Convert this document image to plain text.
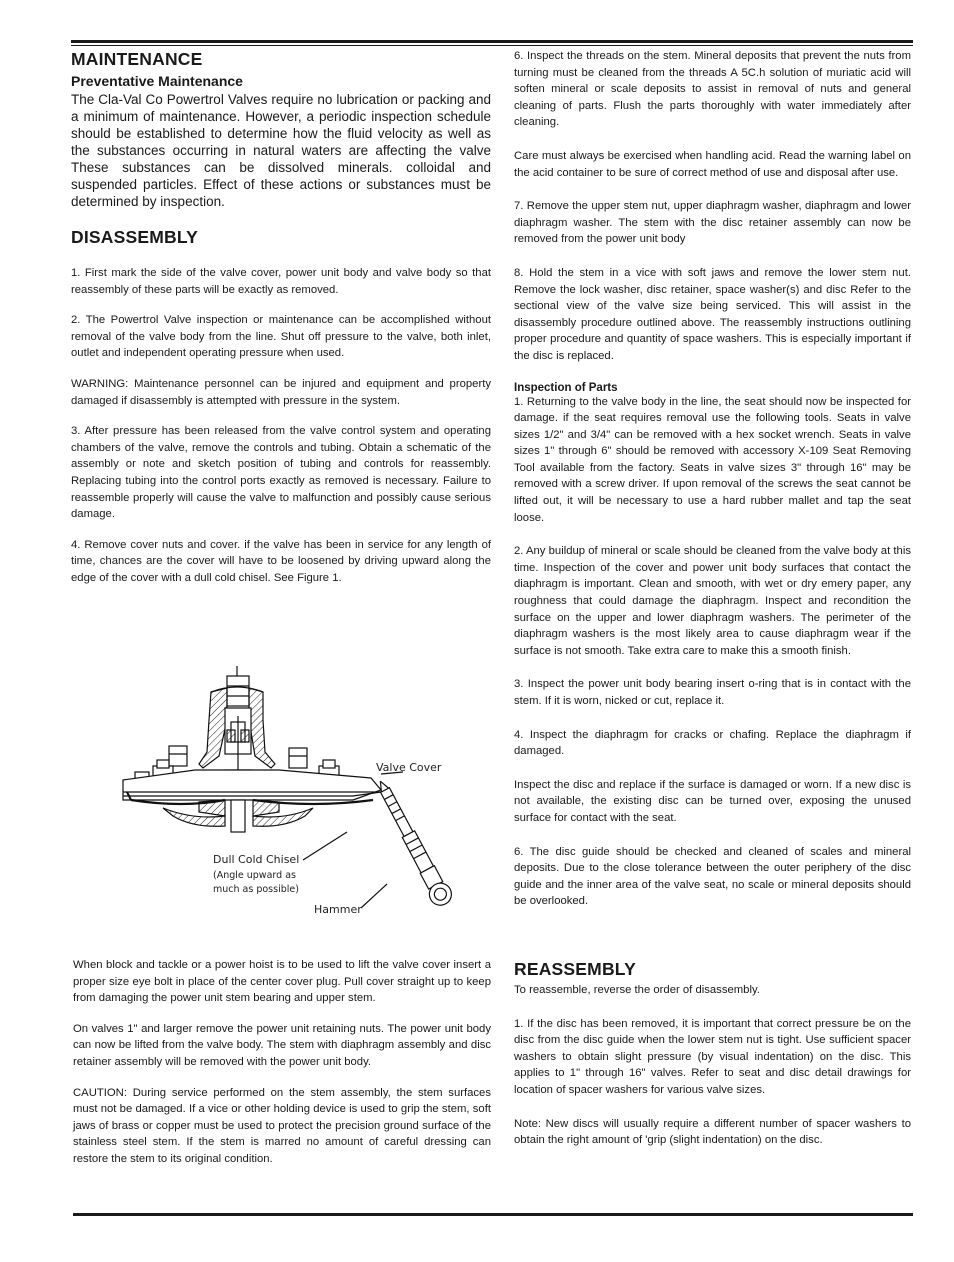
MAINTENANCE
Preventative Maintenance

The Cla-Val Co Powertrol Valves require no lubrication or packing and a minimum of maintenance. However, a periodic inspection schedule should be established to determine how the fluid velocity as well as the substances occurring in natural waters are affecting the valve These substances can be dissolved minerals. colloidal and suspended particles. Effect of these actions or substances must be determined by inspection.

DISASSEMBLY

1. First mark the side of the valve cover, power unit body and valve body so that reassembly of these parts will be exactly as removed.

2. The Powertrol Valve inspection or maintenance can be accomplished without removal of the valve body from the line. Shut off pressure to the valve, both inlet, outlet and independent operating pressure when used.

WARNING: Maintenance personnel can be injured and equipment and property damaged if disassembly is attempted with pressure in the system.

3. After pressure has been released from the valve control system and operating chambers of the valve, remove the controls and tubing. Obtain a schematic of the assembly or note and sketch position of tubing and controls for reassembly. Replacing tubing into the control ports exactly as removed is necessary. Failure to reassemble properly will cause the valve to malfunction and possibly cause serious damage.

4. Remove cover nuts and cover. if the valve has been in service for any length of time, chances are the cover will have to be loosened by driving upward along the edge of the cover with a dull cold chisel. See Figure 1.

Valve Cover
Dull Cold Chisel
(Angle upward as
much as possible)
Hammer

When block and tackle or a power hoist is to be used to lift the valve cover insert a proper size eye bolt in place of the center cover plug. Pull cover straight up to keep from damaging the power unit stem bearing and upper stem.

On valves 1" and larger remove the power unit retaining nuts. The power unit body can now be lifted from the valve body. The stem with diaphragm assembly and disc retainer assembly will be removed with the power unit body.

CAUTION: During service performed on the stem assembly, the stem surfaces must not be damaged. If a vice or other holding device is used to grip the stem, soft jaws of brass or copper must be used to protect the precision ground surface of the stainless steel stem. If the stem is marred no amount of careful dressing can restore the stem to its original condition.

6. Inspect the threads on the stem. Mineral deposits that prevent the nuts from turning must be cleaned from the threads A 5C.h solution of muriatic acid will soften mineral or scale deposits to assist in removal of nuts and general cleaning of parts. Flush the parts thoroughly with water immediately after cleaning.

Care must always be exercised when handling acid. Read the warning label on the acid container to be sure of correct method of use and disposal after use.

7. Remove the upper stem nut, upper diaphragm washer, diaphragm and lower diaphragm washer. The stem with the disc retainer assembly can now be removed from the power unit body

8. Hold the stem in a vice with soft jaws and remove the lower stem nut. Remove the lock washer, disc retainer, space washer(s) and disc Refer to the sectional view of the valve size being serviced. This will assist in the disassembly procedure outlined above. The reassembly instructions outlining proper procedure and quantity of space washers. This is especially important if the disc is replaced.

Inspection of Parts

1. Returning to the valve body in the line, the seat should now be inspected for damage. if the seat requires removal use the following tools. Seats in valve sizes 1/2" and 3/4" can be removed with a hex socket wrench. Seats in valve sizes 1" through 6" should be removed with accessory X-109 Seat Removing Tool available from the factory. Seats in valve sizes 3" through 16" may be removed with a screw driver. If upon removal of the screws the seat cannot be lifted out, it will be necessary to use a hard rubber mallet and tap the seat loose.

2. Any buildup of mineral or scale should be cleaned from the valve body at this time. Inspection of the cover and power unit body surfaces that contact the diaphragm is important. Clean and smooth, with wet or dry emery paper, any roughness that could damage the diaphragm. Inspect and recondition the surface on the upper and lower diaphragm washers. The perimeter of the diaphragm washers is the most likely area to cause diaphragm wear if the surface is not smooth. Take extra care to make this a smooth finish.

3. Inspect the power unit body bearing insert o-ring that is in contact with the stem. If it is worn, nicked or cut, replace it.

4. Inspect the diaphragm for cracks or chafing. Replace the diaphragm if damaged.

Inspect the disc and replace if the surface is damaged or worn. If a new disc is not available, the existing disc can be turned over, exposing the unused surface for contact with the seat.

6. The disc guide should be checked and cleaned of scales and mineral deposits. Due to the close tolerance between the outer periphery of the disc guide and the inner area of the valve seat, no scale or mineral deposits should be overlooked.

REASSEMBLY

To reassemble, reverse the order of disassembly.

1. If the disc has been removed, it is important that correct pressure be on the disc from the disc guide when the lower stem nut is tight. Use sufficient spacer washers to obtain slight pressure (by visual indentation) on the disc. This applies to 1" through 16" valves. Refer to seat and disc detail drawings for location of spacer washers for various valve sizes.

Note: New discs will usually require a different number of spacer washers to obtain the right amount of 'grip (slight indentation) on the disc.
